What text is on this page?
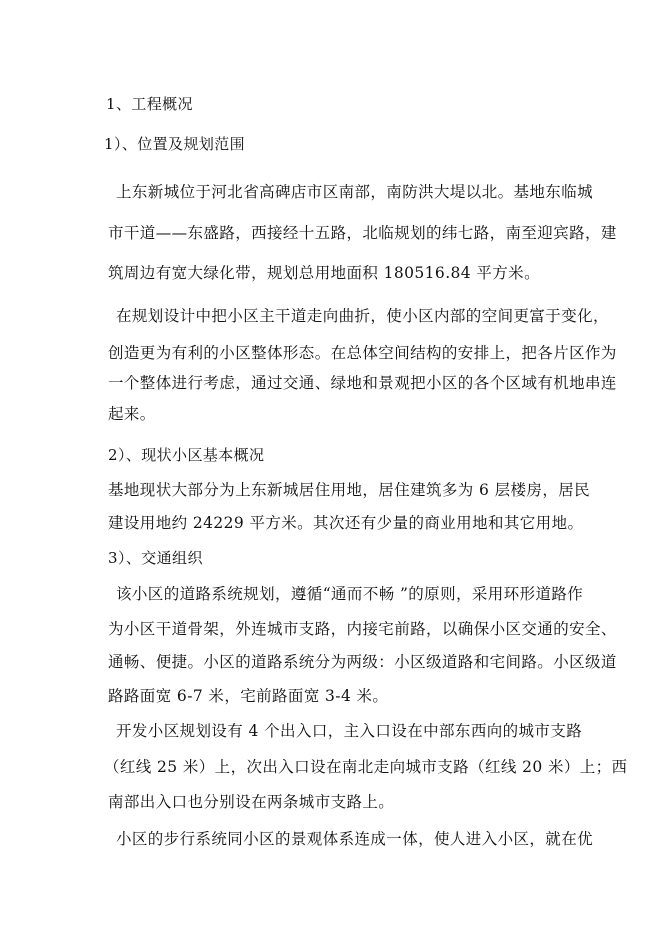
1、工程概况
1）、位置及规划范围
上东新城位于河北省高碑店市区南部，南防洪大堤以北。基地东临城
市干道——东盛路，西接经十五路，北临规划的纬七路，南至迎宾路，建
筑周边有宽大绿化带，规划总用地面积 180516.84 平方米。
在规划设计中把小区主干道走向曲折，使小区内部的空间更富于变化，
创造更为有利的小区整体形态。在总体空间结构的安排上，把各片区作为
一个整体进行考虑，通过交通、绿地和景观把小区的各个区域有机地串连
起来。
2）、现状小区基本概况
基地现状大部分为上东新城居住用地，居住建筑多为 6 层楼房，居民
建设用地约 24229 平方米。其次还有少量的商业用地和其它用地。
3）、交通组织
该小区的道路系统规划，遵循“通而不畅 ”的原则，采用环形道路作
为小区干道骨架，外连城市支路，内接宅前路，以确保小区交通的安全、
通畅、便捷。小区的道路系统分为两级：小区级道路和宅间路。小区级道
路路面宽 6-7 米，宅前路面宽 3-4 米。
开发小区规划设有 4 个出入口，主入口设在中部东西向的城市支路
（红线 25 米）上，次出入口设在南北走向城市支路（红线 20 米）上；西
南部出入口也分别设在两条城市支路上。
小区的步行系统同小区的景观体系连成一体，使人进入小区，就在优
